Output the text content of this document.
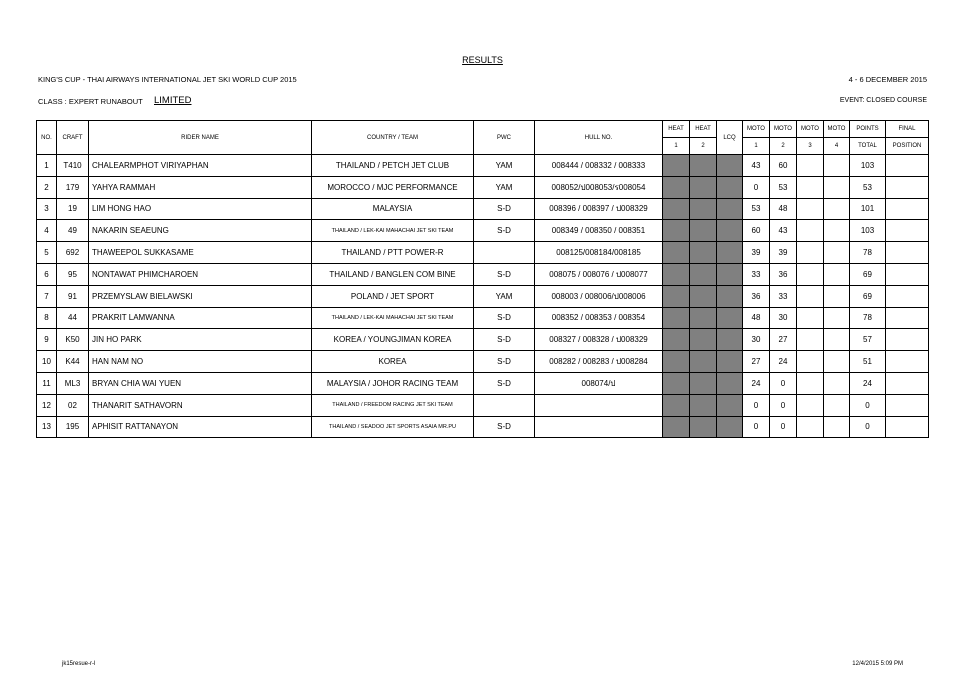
RESULTS
KING'S CUP - THAI AIRWAYS INTERNATIONAL JET SKI WORLD CUP 2015	4 - 6 DECEMBER 2015
CLASS : EXPERT RUNABOUT LIMITED	EVENT: CLOSED COURSE
NO.	CRAFT	RIDER NAME	COUNTRY / TEAM	PWC	HULL NO.	HEAT	HEAT	LCQ	MOTO	MOTO	MOTO	MOTO	POINTS	FINAL
						1	2		1	2	3	4	TOTAL	POSITION
1	T410	CHALEARMPHOT VIRIYAPHAN	THAILAND / PETCH JET CLUB	YAM	008444 / 008332 / 008333				43	60			103	
2	179	YAHYA RAMMAH	MOROCCO / MJC PERFORMANCE	YAM	008052/ป008053/ร008054				0	53			53	
3	19	LIM HONG HAO	MALAYSIA	S-D	008396 / 008397 / ป008329				53	48			101	
4	49	NAKARIN SEAEUNG	THAILAND / LEK-KAI MAHACHAI JET SKI TEAM	S-D	008349 / 008350 / 008351				60	43			103	
5	692	THAWEEPOL SUKKASAME	THAILAND / PTT POWER-R		008125/008184/008185				39	39			78	
6	95	NONTAWAT PHIMCHAROEN	THAILAND / BANGLEN COM BINE	S-D	008075 / 008076 / ป008077				33	36			69	
7	91	PRZEMYSLAW BIELAWSKI	POLAND / JET SPORT	YAM	008003 / 008006/ป008006				36	33			69	
8	44	PRAKRIT LAMWANNA	THAILAND / LEK-KAI MAHACHAI JET SKI TEAM	S-D	008352 / 008353 / 008354				48	30			78	
9	K50	JIN HO PARK	KOREA / YOUNGJIMAN KOREA	S-D	008327 / 008328 / ป008329				30	27			57	
10	K44	HAN NAM NO	KOREA	S-D	008282 / 008283 / ป008284				27	24			51	
11	ML3	BRYAN CHIA WAI YUEN	MALAYSIA / JOHOR RACING TEAM	S-D	008074/ป				24	0			24	
12	02	THANARIT SATHAVORN	THAILAND / FREEDOM RACING JET SKI TEAM						0	0			0	
13	195	APHISIT RATTANAYON	THAILAND / SEADOO JET SPORTS ASAIA MR.PU	S-D					0	0			0	
jk15resue-r-l	12/4/2015 5:09 PM
